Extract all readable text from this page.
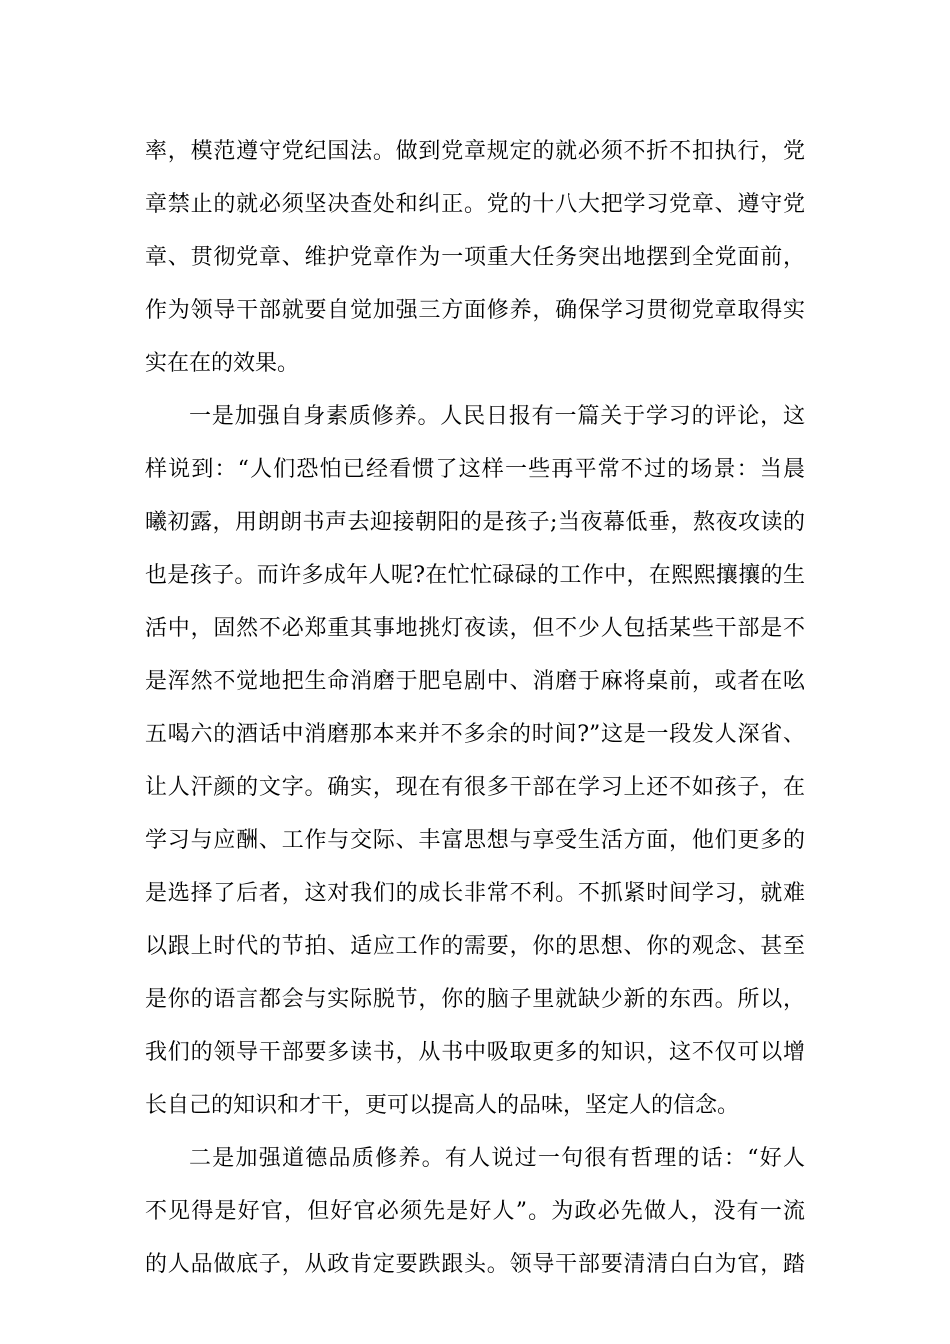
率，模范遵守党纪国法。做到党章规定的就必须不折不扣执行，党
章禁止的就必须坚决查处和纠正。党的十八大把学习党章、遵守党
章、贯彻党章、维护党章作为一项重大任务突出地摆到全党面前，
作为领导干部就要自觉加强三方面修养，确保学习贯彻党章取得实
实在在的效果。
一是加强自身素质修养。人民日报有一篇关于学习的评论，这
样说到：“人们恐怕已经看惯了这样一些再平常不过的场景：当晨
曦初露，用朗朗书声去迎接朝阳的是孩子;当夜幕低垂，熬夜攻读的
也是孩子。而许多成年人呢?在忙忙碌碌的工作中，在熙熙攘攘的生
活中，固然不必郑重其事地挑灯夜读，但不少人包括某些干部是不
是浑然不觉地把生命消磨于肥皂剧中、消磨于麻将桌前，或者在吆
五喝六的酒话中消磨那本来并不多余的时间?”这是一段发人深省、
让人汗颜的文字。确实，现在有很多干部在学习上还不如孩子，在
学习与应酬、工作与交际、丰富思想与享受生活方面，他们更多的
是选择了后者，这对我们的成长非常不利。不抓紧时间学习，就难
以跟上时代的节拍、适应工作的需要，你的思想、你的观念、甚至
是你的语言都会与实际脱节，你的脑子里就缺少新的东西。所以，
我们的领导干部要多读书，从书中吸取更多的知识，这不仅可以增
长自己的知识和才干，更可以提高人的品味，坚定人的信念。
二是加强道德品质修养。有人说过一句很有哲理的话：“好人
不见得是好官，但好官必须先是好人”。为政必先做人，没有一流
的人品做底子，从政肯定要跌跟头。领导干部要清清白白为官，踏
